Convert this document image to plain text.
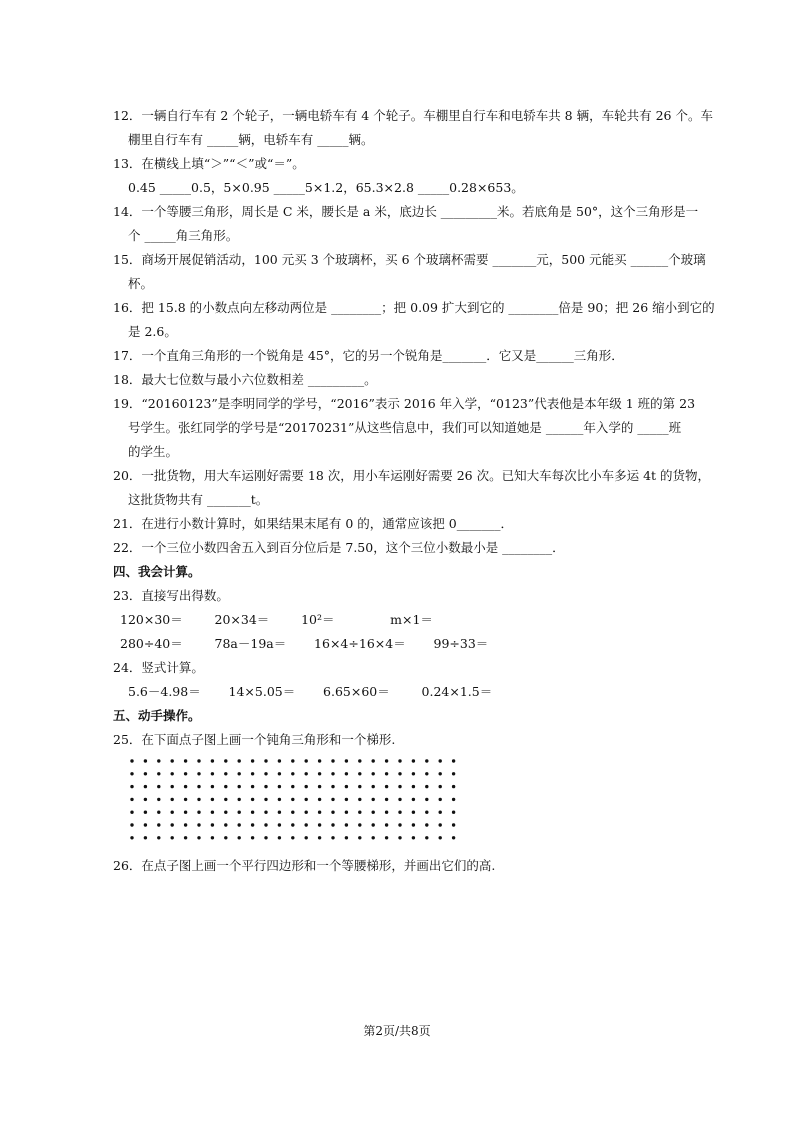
12．一辆自行车有 2 个轮子，一辆电轿车有 4 个轮子。车棚里自行车和电轿车共 8 辆，车轮共有 26 个。车
棚里自行车有 _____辆，电轿车有 _____辆。
13．在横线上填“＞”“＜”或“＝”。
0.45 _____0.5，5×0.95 _____5×1.2，65.3×2.8 _____0.28×653。
14．一个等腰三角形，周长是 C 米，腰长是 a 米，底边长 _________米。若底角是 50°，这个三角形是一
个 _____角三角形。
15．商场开展促销活动，100 元买 3 个玻璃杯，买 6 个玻璃杯需要 _______元，500 元能买 ______个玻璃
杯。
16．把 15.8 的小数点向左移动两位是 ________；把 0.09 扩大到它的 ________倍是 90；把 26 缩小到它的
是 2.6。
17．一个直角三角形的一个锐角是 45°，它的另一个锐角是_______．它又是______三角形．
18．最大七位数与最小六位数相差 _________。
19．“20160123”是李明同学的学号，“2016”表示 2016 年入学，“0123”代表他是本年级 1 班的第 23
号学生。张红同学的学号是“20170231”从这些信息中，我们可以知道她是 ______年入学的 _____班
的学生。
20．一批货物，用大车运刚好需要 18 次，用小车运刚好需要 26 次。已知大车每次比小车多运 4t 的货物，
这批货物共有 _______t。
21．在进行小数计算时，如果结果末尾有 0 的，通常应该把 0_______．
22．一个三位小数四舍五入到百分位后是 7.50，这个三位小数最小是 ________．
四、我会计算。
23．直接写出得数。
120×30＝        20×34＝        10²＝              m×1＝
280÷40＝        78a－19a＝       16×4÷16×4＝       99÷33＝
24．竖式计算。
5.6－4.98＝       14×5.05＝       6.65×60＝        0.24×1.5＝
五、动手操作。
25．在下面点子图上画一个钝角三角形和一个梯形.
26．在点子图上画一个平行四边形和一个等腰梯形，并画出它们的高.
第2页/共8页
